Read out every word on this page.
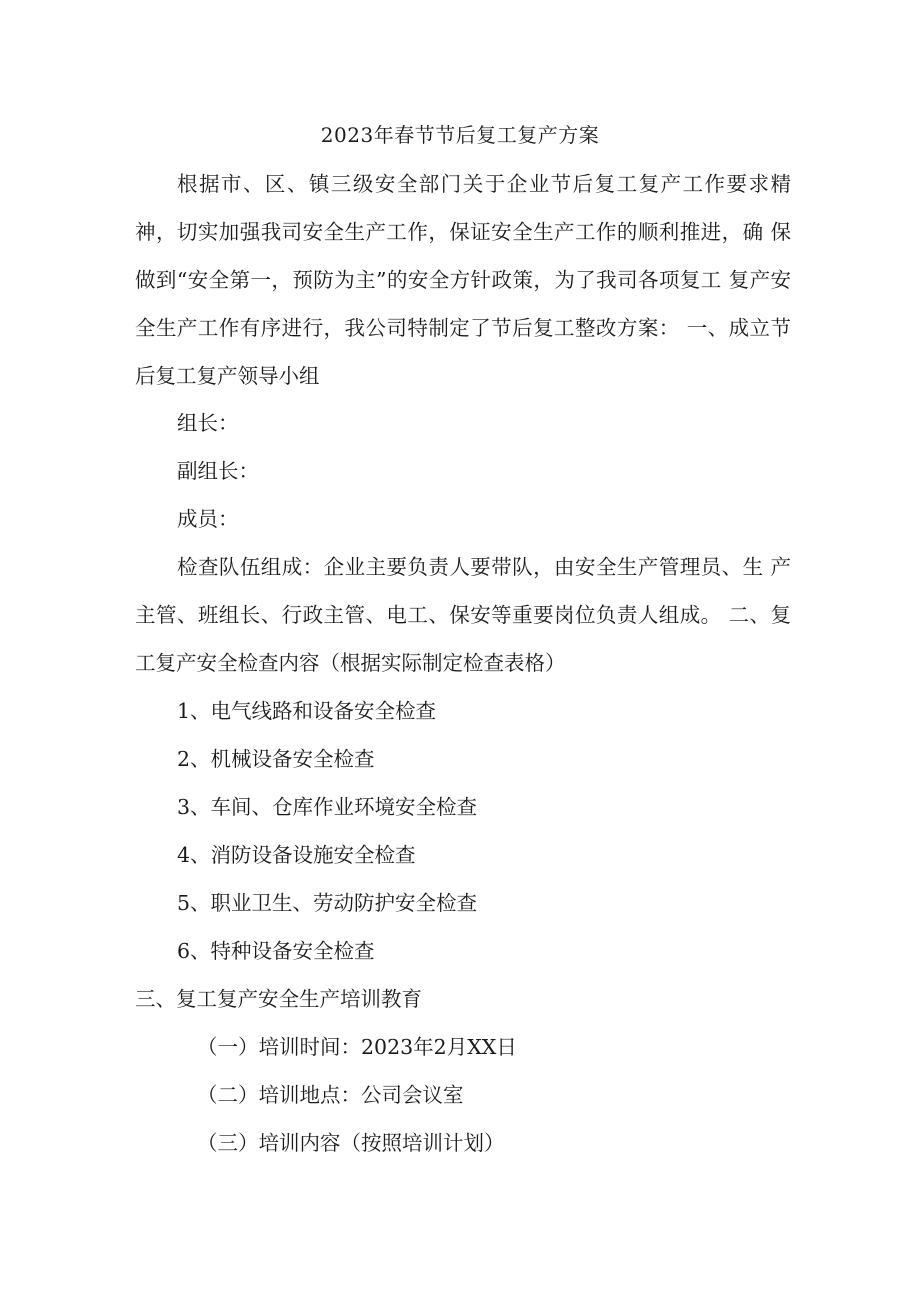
2023年春节节后复工复产方案

根据市、区、镇三级安全部门关于企业节后复工复产工作要求精 神，切实加强我司安全生产工作，保证安全生产工作的顺利推进，确 保做到“安全第一，预防为主”的安全方针政策，为了我司各项复工 复产安全生产工作有序进行，我公司特制定了节后复工整改方案： 一、成立节后复工复产领导小组

组长：
副组长：
成员：

检查队伍组成：企业主要负责人要带队，由安全生产管理员、生 产主管、班组长、行政主管、电工、保安等重要岗位负责人组成。 二、复工复产安全检查内容（根据实际制定检查表格）

1、电气线路和设备安全检查
2、机械设备安全检查
3、车间、仓库作业环境安全检查
4、消防设备设施安全检查
5、职业卫生、劳动防护安全检查
6、特种设备安全检查
三、复工复产安全生产培训教育
（一）培训时间：2023年2月XX日
（二）培训地点：公司会议室
（三）培训内容（按照培训计划）
